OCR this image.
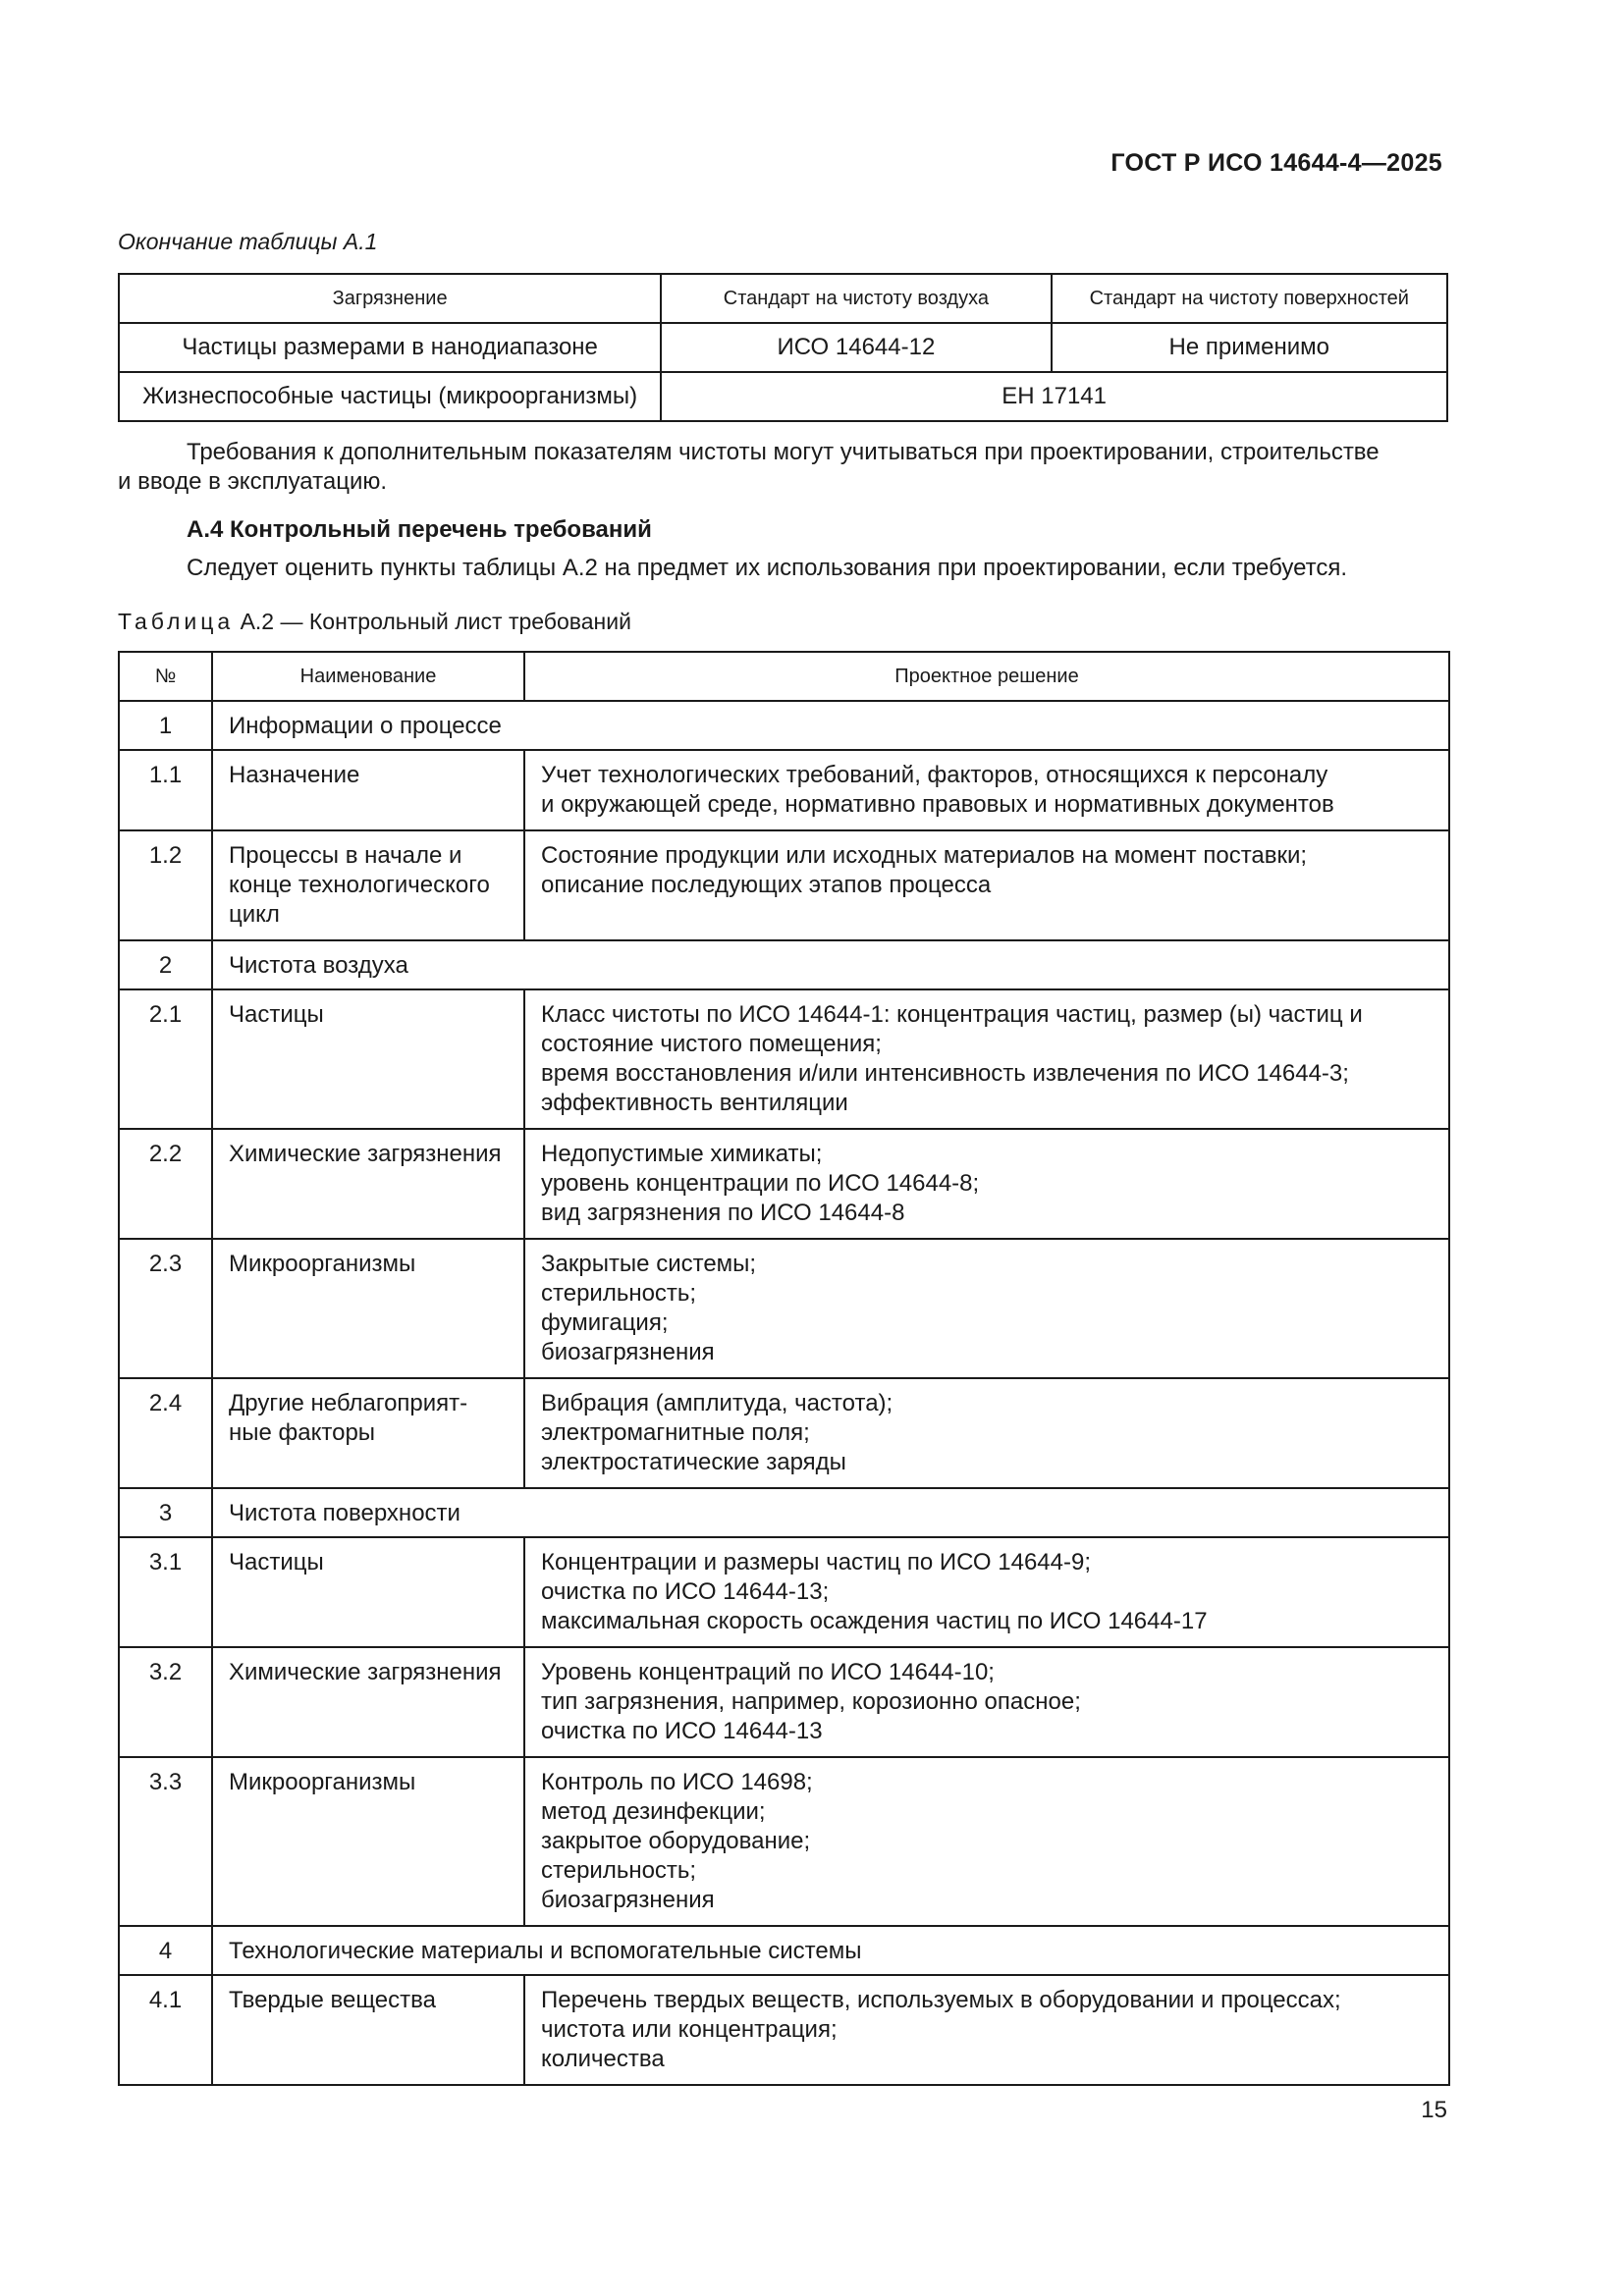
ГОСТ Р ИСО 14644-4—2025
Окончание таблицы А.1
Загрязнение	Стандарт на чистоту воздуха	Стандарт на чистоту поверхностей
Частицы размерами в нанодиапазоне	ИСО 14644-12	Не применимо
Жизнеспособные частицы (микроорганизмы)	ЕН 17141	
Требования к дополнительным показателям чистоты могут учитываться при проектировании, строительстве
и вводе в эксплуатацию.
А.4 Контрольный перечень требований
Следует оценить пункты таблицы А.2 на предмет их использования при проектировании, если требуется.
Таблица А.2 — Контрольный лист требований
№	Наименование	Проектное решение
1	Информации о процессе	
1.1	Назначение	Учет технологических требований, факторов, относящихся к персоналу
и окружающей среде, нормативно правовых и нормативных документов

1.2	Процессы в начале и конце технологического цикл	Состояние продукции или исходных материалов на момент поставки;
описание последующих этапов процесса

2	Чистота воздуха	
2.1	Частицы	Класс чистоты по ИСО 14644-1: концентрация частиц, размер (ы) частиц и
состояние чистого помещения;
время восстановления и/или интенсивность извлечения по ИСО 14644-3;
эффективность вентиляции

2.2	Химические загрязнения	Недопустимые химикаты;
уровень концентрации по ИСО 14644-8;
вид загрязнения по ИСО 14644-8

2.3	Микроорганизмы	Закрытые системы;
стерильность;
фумигация;
биозагрязнения

2.4	Другие неблагоприят- ные факторы	Вибрация (амплитуда, частота);
электромагнитные поля;
электростатические заряды

3	Чистота поверхности	
3.1	Частицы	Концентрации и размеры частиц по ИСО 14644-9;
очистка по ИСО 14644-13;
максимальная скорость осаждения частиц по ИСО 14644-17

3.2	Химические загрязнения	Уровень концентраций по ИСО 14644-10;
тип загрязнения, например, корозионно опасное;
очистка по ИСО 14644-13

3.3	Микроорганизмы	Контроль по ИСО 14698;
метод дезинфекции;
закрытое оборудование;
стерильность;
биозагрязнения

4	Технологические материалы и вспомогательные системы	
4.1	Твердые вещества	Перечень твердых веществ, используемых в оборудовании и процессах;
чистота или концентрация;
количества
15
